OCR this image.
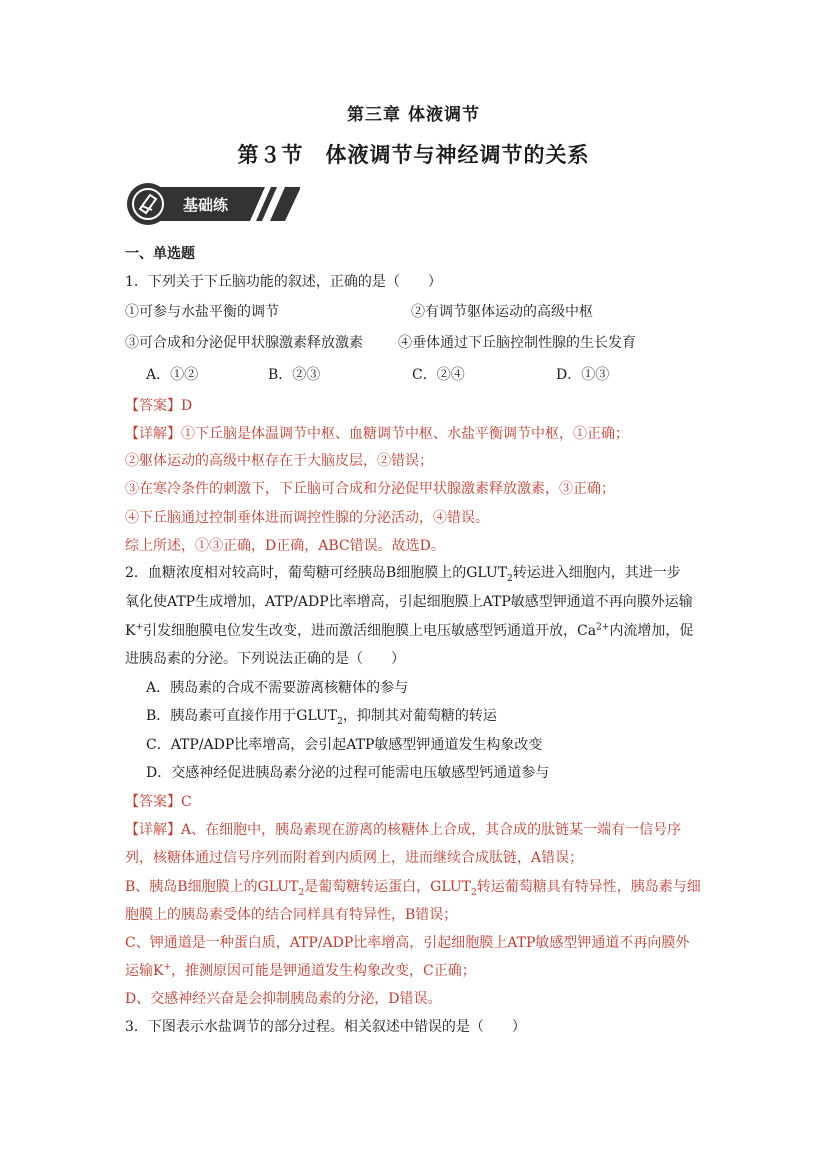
第三章 体液调节
第３节　体液调节与神经调节的关系
基础练
一、单选题
1．下列关于下丘脑功能的叙述，正确的是（　　）
①可参与水盐平衡的调节	②有调节躯体运动的高级中枢
③可合成和分泌促甲状腺激素释放激素	④垂体通过下丘脑控制性腺的生长发育
A．①②	B．②③	C．②④	D．①③
【答案】D
【详解】①下丘脑是体温调节中枢、血糖调节中枢、水盐平衡调节中枢，①正确；
②躯体运动的高级中枢存在于大脑皮层，②错误；
③在寒冷条件的刺激下，下丘脑可合成和分泌促甲状腺激素释放激素，③正确；
④下丘脑通过控制垂体进而调控性腺的分泌活动，④错误。
综上所述，①③正确，D正确，ABC错误。故选D。
2．血糖浓度相对较高时，葡萄糖可经胰岛B细胞膜上的$GLUT_2$转运进入细胞内，其进一步
氧化使ATP生成增加，ATP/ADP比率增高，引起细胞膜上ATP敏感型钾通道不再向膜外运输
K+引发细胞膜电位发生改变，进而激活细胞膜上电压敏感型钙通道开放，$Ca^{2+}$内流增加，促
进胰岛素的分泌。下列说法正确的是（　　）
A．胰岛素的合成不需要游离核糖体的参与
B．胰岛素可直接作用于$GLUT_2$，抑制其对葡萄糖的转运
C．ATP/ADP比率增高，会引起ATP敏感型钾通道发生构象改变
D．交感神经促进胰岛素分泌的过程可能需电压敏感型钙通道参与
【答案】C
【详解】A、在细胞中，胰岛素现在游离的核糖体上合成，其合成的肽链某一端有一信号序
列，核糖体通过信号序列而附着到内质网上，进而继续合成肽链，A错误；
B、胰岛B细胞膜上的$GLUT_2$是葡萄糖转运蛋白，$GLUT_2$转运葡萄糖具有特异性，胰岛素与细
胞膜上的胰岛素受体的结合同样具有特异性，B错误；
C、钾通道是一种蛋白质，ATP/ADP比率增高，引起细胞膜上ATP敏感型钾通道不再向膜外
运输K+，推测原因可能是钾通道发生构象改变，C正确；
D、交感神经兴奋是会抑制胰岛素的分泌，D错误。
3．下图表示水盐调节的部分过程。相关叙述中错误的是（　　）
